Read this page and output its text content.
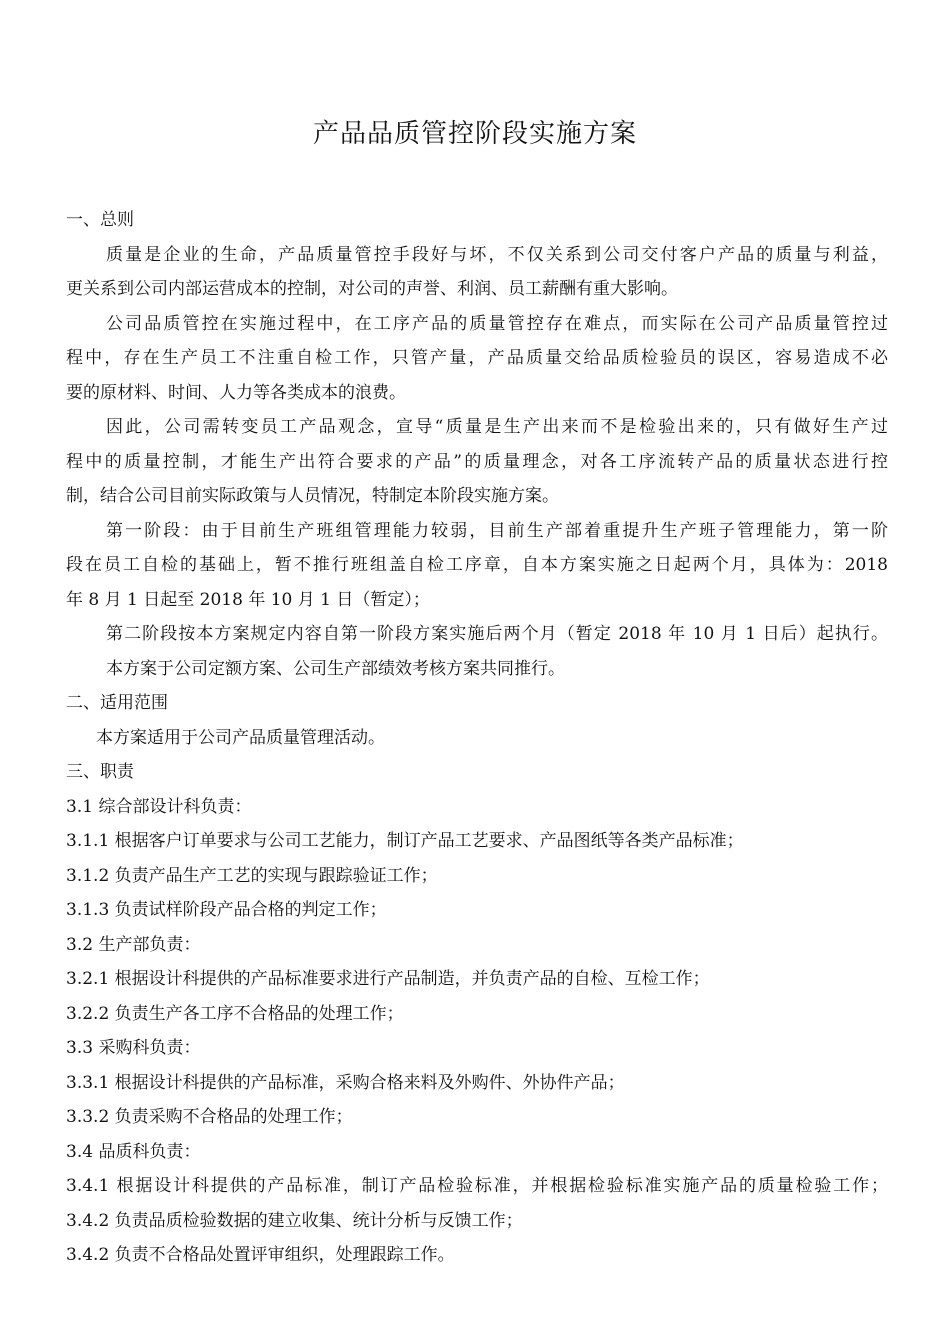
产品品质管控阶段实施方案
一、总则
质量是企业的生命，产品质量管控手段好与坏，不仅关系到公司交付客户产品的质量与利益，
更关系到公司内部运营成本的控制，对公司的声誉、利润、员工薪酬有重大影响。
公司品质管控在实施过程中，在工序产品的质量管控存在难点，而实际在公司产品质量管控过
程中，存在生产员工不注重自检工作，只管产量，产品质量交给品质检验员的误区，容易造成不必
要的原材料、时间、人力等各类成本的浪费。
因此，公司需转变员工产品观念，宣导“质量是生产出来而不是检验出来的，只有做好生产过
程中的质量控制，才能生产出符合要求的产品”的质量理念，对各工序流转产品的质量状态进行控
制，结合公司目前实际政策与人员情况，特制定本阶段实施方案。
第一阶段：由于目前生产班组管理能力较弱，目前生产部着重提升生产班子管理能力，第一阶
段在员工自检的基础上，暂不推行班组盖自检工序章，自本方案实施之日起两个月，具体为：2018
年 8 月 1 日起至 2018 年 10 月 1 日（暂定）；
第二阶段按本方案规定内容自第一阶段方案实施后两个月（暂定 2018 年 10 月 1 日后）起执行。
本方案于公司定额方案、公司生产部绩效考核方案共同推行。
二、适用范围
本方案适用于公司产品质量管理活动。
三、职责
3.1 综合部设计科负责：
3.1.1 根据客户订单要求与公司工艺能力，制订产品工艺要求、产品图纸等各类产品标准；
3.1.2 负责产品生产工艺的实现与跟踪验证工作；
3.1.3 负责试样阶段产品合格的判定工作；
3.2 生产部负责：
3.2.1 根据设计科提供的产品标准要求进行产品制造，并负责产品的自检、互检工作；
3.2.2 负责生产各工序不合格品的处理工作；
3.3 采购科负责：
3.3.1 根据设计科提供的产品标准，采购合格来料及外购件、外协件产品；
3.3.2 负责采购不合格品的处理工作；
3.4 品质科负责：
3.4.1 根据设计科提供的产品标准，制订产品检验标准，并根据检验标准实施产品的质量检验工作；
3.4.2 负责品质检验数据的建立收集、统计分析与反馈工作；
3.4.2 负责不合格品处置评审组织，处理跟踪工作。
